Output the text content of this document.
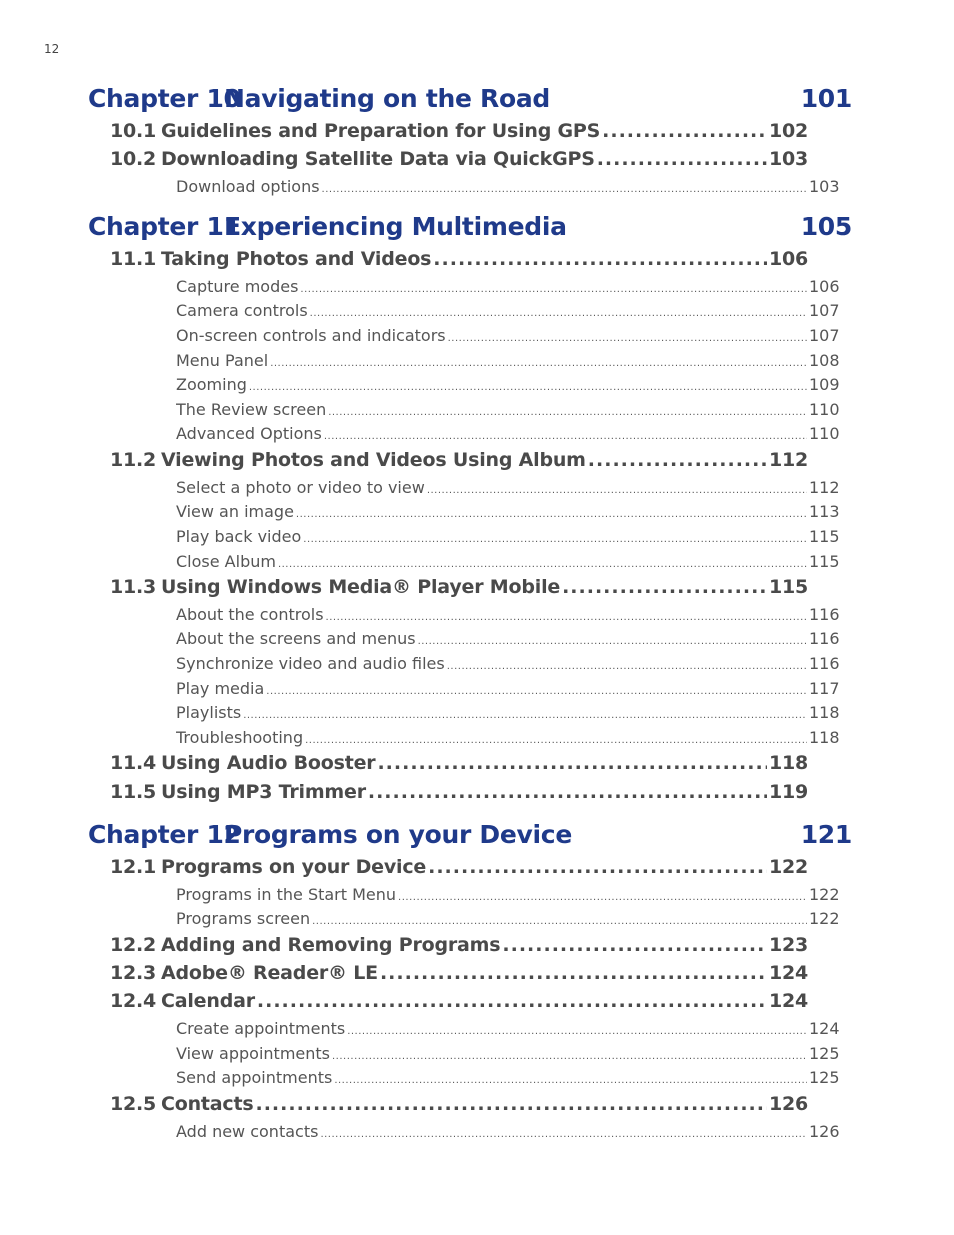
12
Chapter 10Navigating on the Road	101
10.1 Guidelines and Preparation for Using GPS .....	102
10.2 Downloading Satellite Data via QuickGPS .....	103
Download options .....	103
Chapter 11Experiencing Multimedia	105
11.1 Taking Photos and Videos .....	106
Capture modes .....	106
Camera controls .....	107
On-screen controls and indicators .....	107
Menu Panel .....	108
Zooming .....	109
The Review screen .....	110
Advanced Options .....	110
11.2 Viewing Photos and Videos Using Album .....	112
Select a photo or video to view .....	112
View an image .....	113
Play back video .....	115
Close Album .....	115
11.3 Using Windows Media® Player Mobile .....	115
About the controls .....	116
About the screens and menus .....	116
Synchronize video and audio files .....	116
Play media .....	117
Playlists .....	118
Troubleshooting .....	118
11.4 Using Audio Booster .....	118
11.5 Using MP3 Trimmer .....	119
Chapter 12Programs on your Device	121
12.1 Programs on your Device .....	122
Programs in the Start Menu .....	122
Programs screen .....	122
12.2 Adding and Removing Programs .....	123
12.3 Adobe® Reader® LE .....	124
12.4 Calendar .....	124
Create appointments .....	124
View appointments .....	125
Send appointments .....	125
12.5 Contacts .....	126
Add new contacts .....	126
